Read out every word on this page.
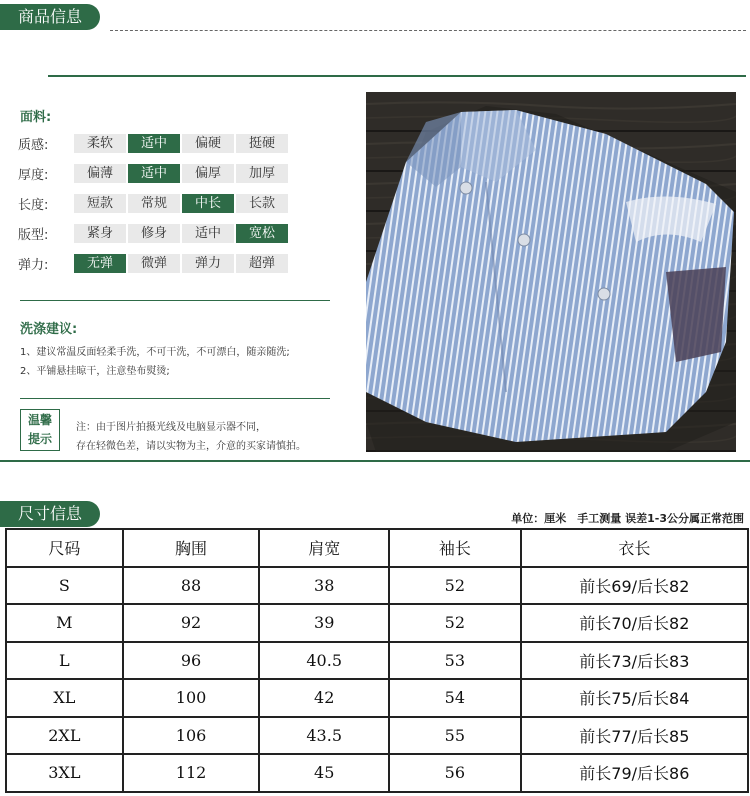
商品信息
面料:
质感:	柔软	适中	偏硬	挺硬
厚度:	偏薄	适中	偏厚	加厚
长度:	短款	常规	中长	长款
版型:	紧身	修身	适中	宽松
弹力:	无弹	微弹	弹力	超弹
洗涤建议:
1、建议常温反面轻柔手洗，不可干洗，不可漂白，随亲随洗;
2、平铺悬挂晾干，注意垫布熨烫;
温馨
提示
注：由于图片拍摄光线及电脑显示器不同，
存在轻微色差，请以实物为主，介意的买家请慎拍。
尺寸信息	单位：厘米　手工测量 误差1-3公分属正常范围
尺码	胸围	肩宽	袖长	衣长
S	88	38	52	前长69/后长82
M	92	39	52	前长70/后长82
L	96	40.5	53	前长73/后长83
XL	100	42	54	前长75/后长84
2XL	106	43.5	55	前长77/后长85
3XL	112	45	56	前长79/后长86
